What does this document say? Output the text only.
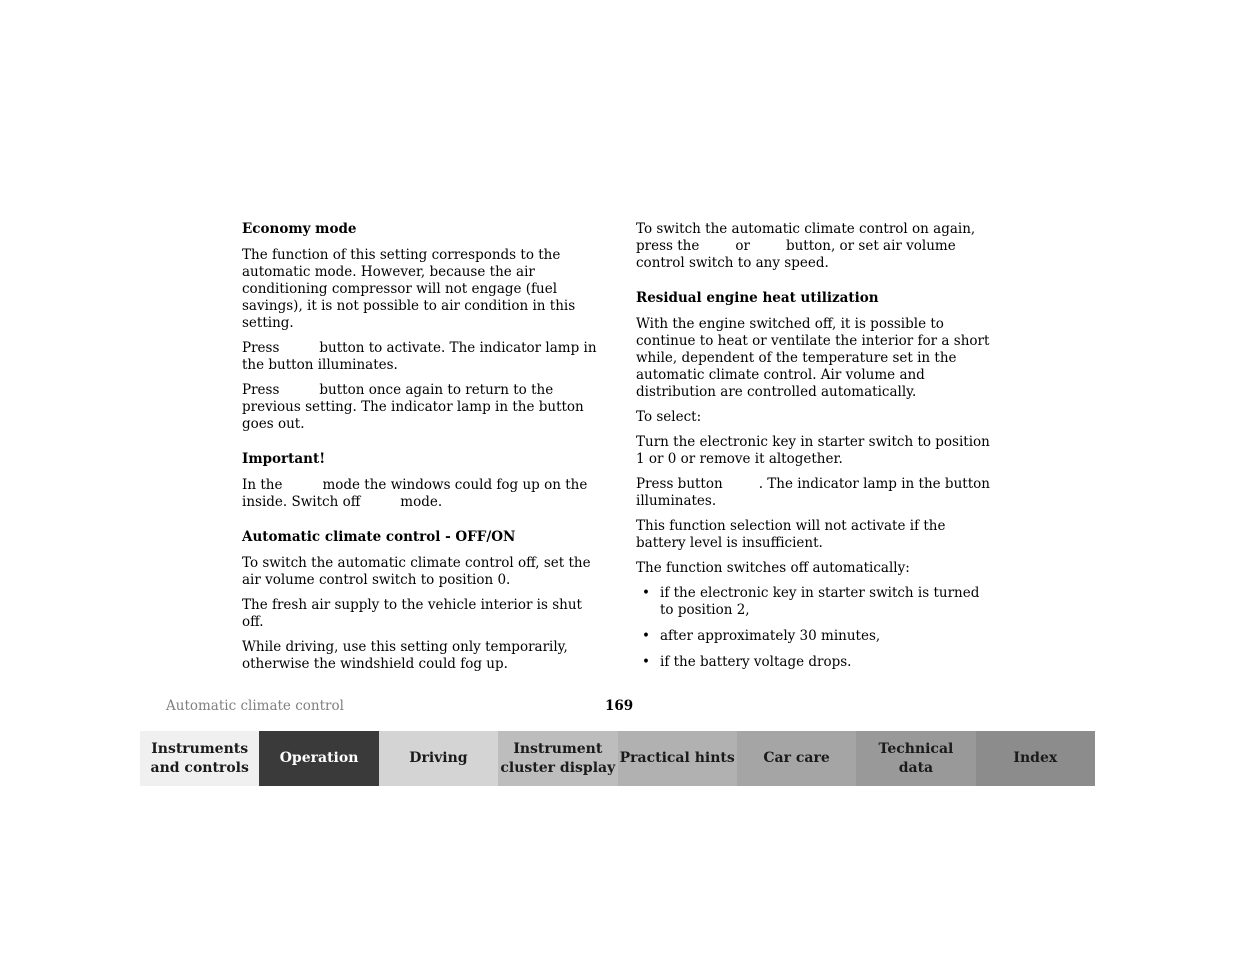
Economy mode

The function of this setting corresponds to the automatic mode. However, because the air conditioning compressor will not engage (fuel savings), it is not possible to air condition in this setting.

Press	button to activate. The indicator lamp in the button illuminates.

Press	button once again to return to the previous setting. The indicator lamp in the button goes out.

Important!

In the	mode the windows could fog up on the inside. Switch off	mode.

Automatic climate control - OFF/ON

To switch the automatic climate control off, set the air volume control switch to position 0.

The fresh air supply to the vehicle interior is shut off.

While driving, use this setting only temporarily, otherwise the windshield could fog up.

To switch the automatic climate control on again, press the	or	button, or set air volume control switch to any speed.

Residual engine heat utilization

With the engine switched off, it is possible to continue to heat or ventilate the interior for a short while, dependent of the temperature set in the automatic climate control. Air volume and distribution are controlled automatically.

To select:

Turn the electronic key in starter switch to position 1 or 0 or remove it altogether.

Press button	. The indicator lamp in the button illuminates.

This function selection will not activate if the battery level is insufficient.

The function switches off automatically:

• if the electronic key in starter switch is turned to position 2,
• after approximately 30 minutes,
• if the battery voltage drops.
Automatic climate control	169
Instruments
and controls
Operation	Driving
Instrument
cluster display
Practical hints Car care
Technical
data
Index
